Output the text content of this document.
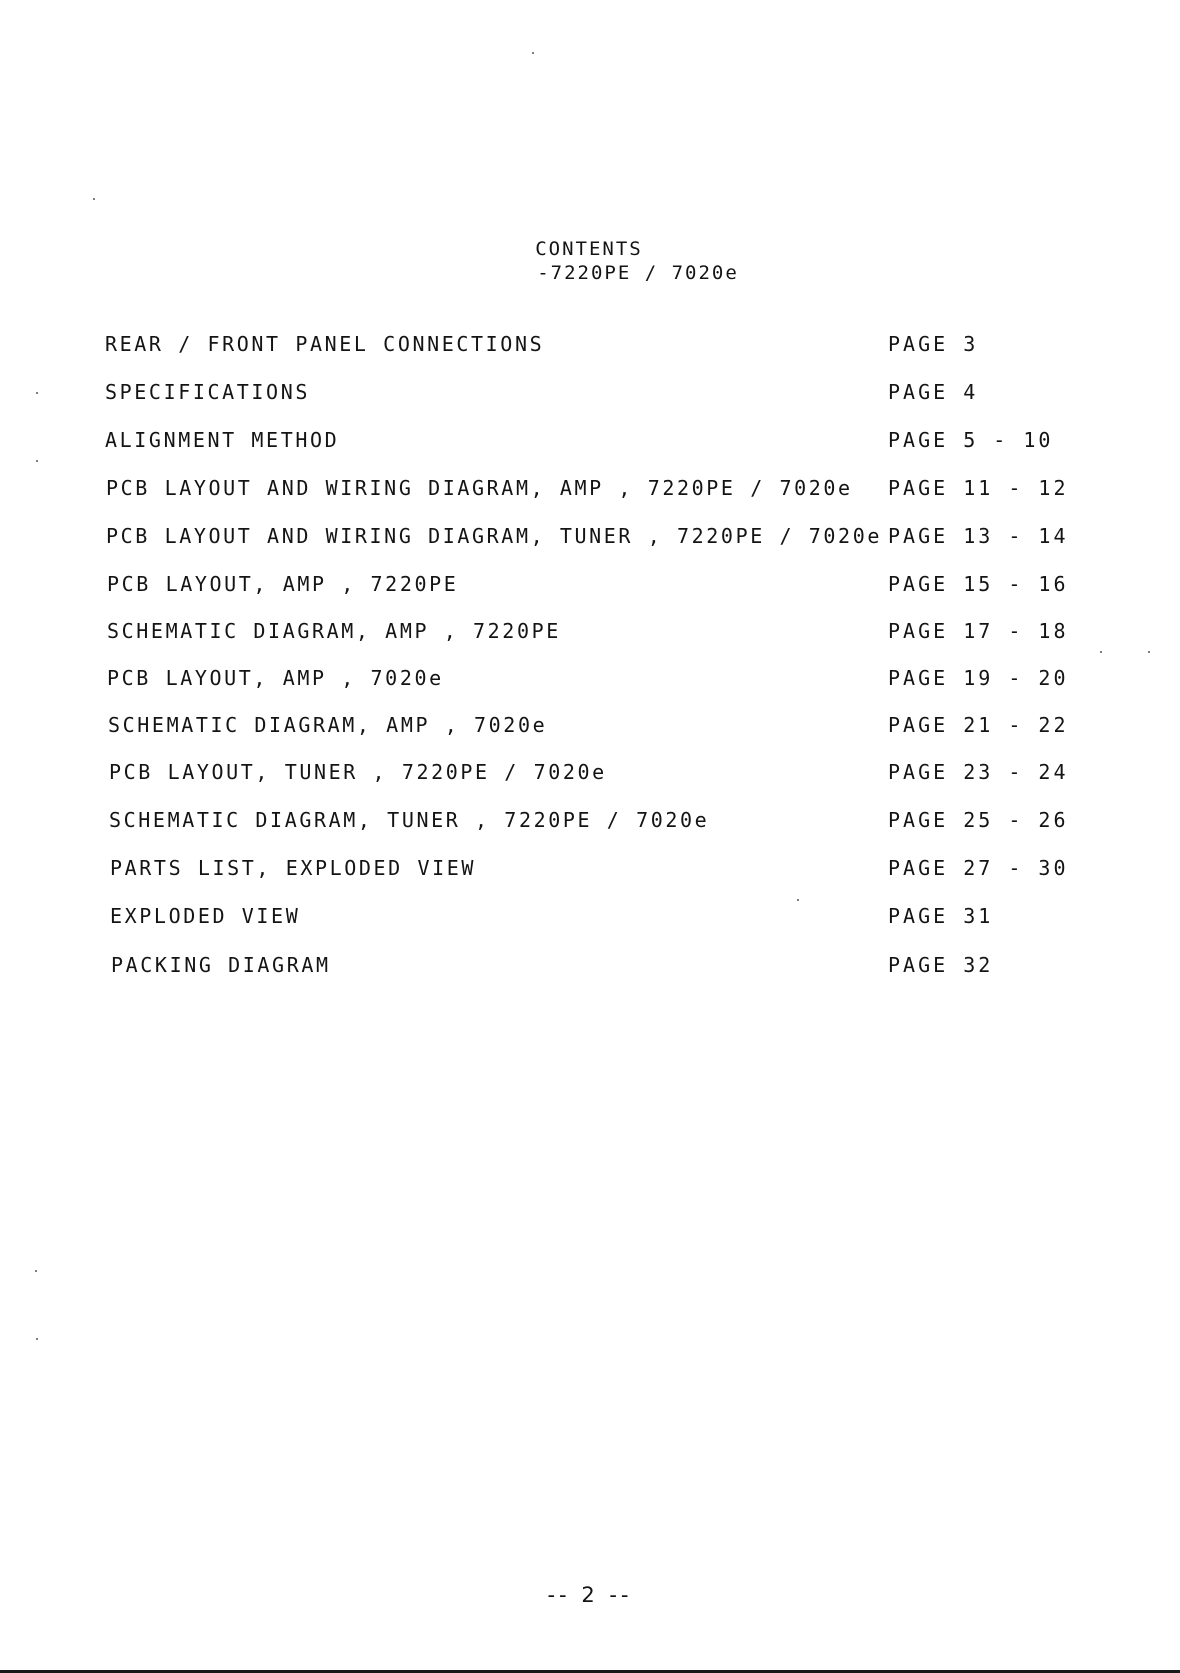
CONTENTS
-7220PE / 7020e
REAR / FRONT PANEL CONNECTIONS	PAGE 3
SPECIFICATIONS	PAGE 4
ALIGNMENT METHOD	PAGE 5 - 10
PCB LAYOUT AND WIRING DIAGRAM, AMP , 7220PE / 7020e PAGE 11 - 12
PCB LAYOUT AND WIRING DIAGRAM, TUNER , 7220PE / 7020e PAGE 13 - 14
PCB LAYOUT, AMP , 7220PE	PAGE 15 - 16
SCHEMATIC DIAGRAM, AMP , 7220PE	PAGE 17 - 18
PCB LAYOUT, AMP , 7020e	PAGE 19 - 20
SCHEMATIC DIAGRAM, AMP , 7020e	PAGE 21 - 22
PCB LAYOUT, TUNER , 7220PE / 7020e	PAGE 23 - 24
SCHEMATIC DIAGRAM, TUNER , 7220PE / 7020e	PAGE 25 - 26
PARTS LIST, EXPLODED VIEW	PAGE 27 - 30
EXPLODED VIEW	PAGE 31
PACKING DIAGRAM	PAGE 32
-- 2 --
